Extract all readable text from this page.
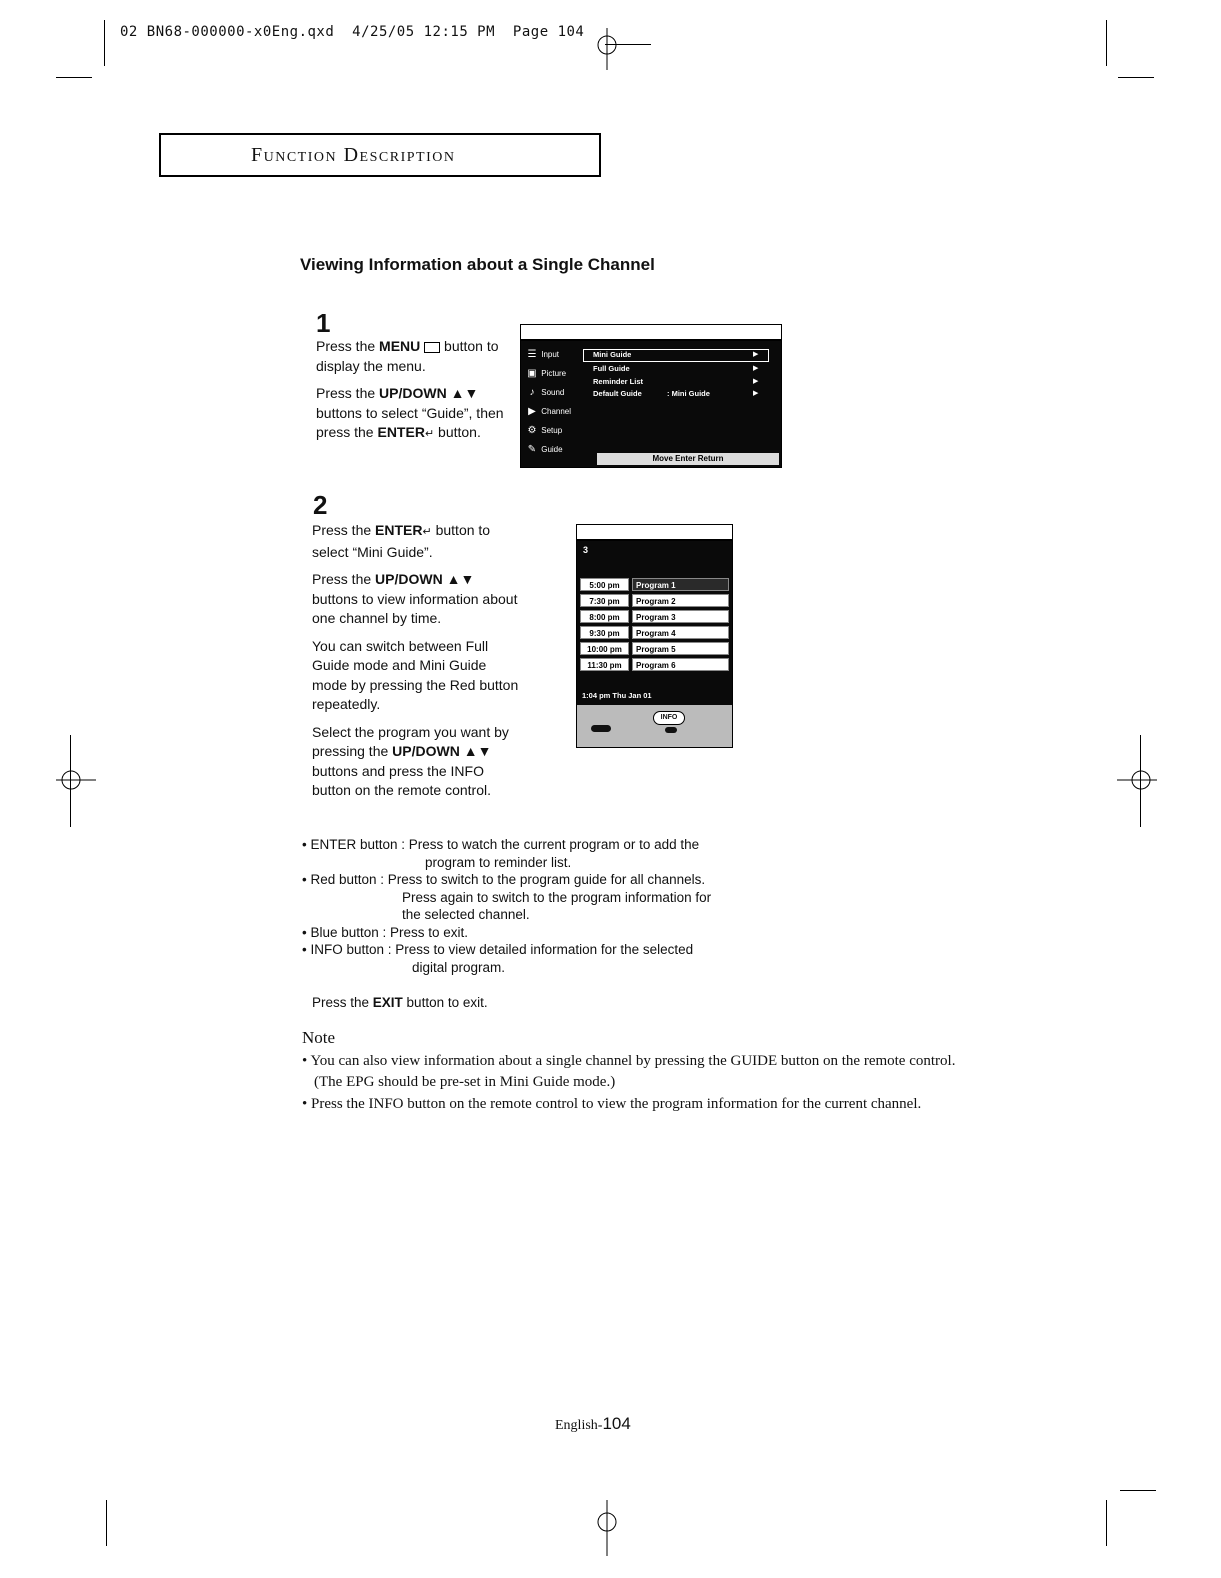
02 BN68-000000-x0Eng.qxd 4/25/05 12:15 PM Page 104
Function Description
Viewing Information about a Single Channel
1

Press the MENU  button to display the menu.

Press the UP/DOWN ▲▼ buttons to select “Guide”, then press the ENTER↵ button.

☰ Input
▣ Picture
♪ Sound
▶ Channel
⚙ Setup
✎ Guide
Mini Guide
Full Guide
Reminder List
Default Guide	: Mini Guide
▶
▶
▶
▶
Move Enter Return
2

Press the ENTER↵ button to select “Mini Guide”.

Press the UP/DOWN ▲▼ buttons to view information about one channel by time.

You can switch between Full Guide mode and Mini Guide mode by pressing the Red button repeatedly.

Select the program you want by pressing the UP/DOWN ▲▼ buttons and press the INFO button on the remote control.

3
5:00 pm	Program 1
7:30 pm	Program 2
8:00 pm	Program 3
9:30 pm	Program 4
10:00 pm	Program 5
11:30 pm	Program 6
1:04 pm Thu Jan 01
INFO
• ENTER button : Press to watch the current program or to add the
program to reminder list.
• Red button : Press to switch to the program guide for all channels.
Press again to switch to the program information for
the selected channel.
• Blue button : Press to exit.
• INFO button : Press to view detailed information for the selected
digital program.
Press the EXIT button to exit.
Note
• You can also view information about a single channel by pressing the GUIDE button on the remote control. (The EPG should be pre-set in Mini Guide mode.)
• Press the INFO button on the remote control to view the program information for the current channel.
English-104
